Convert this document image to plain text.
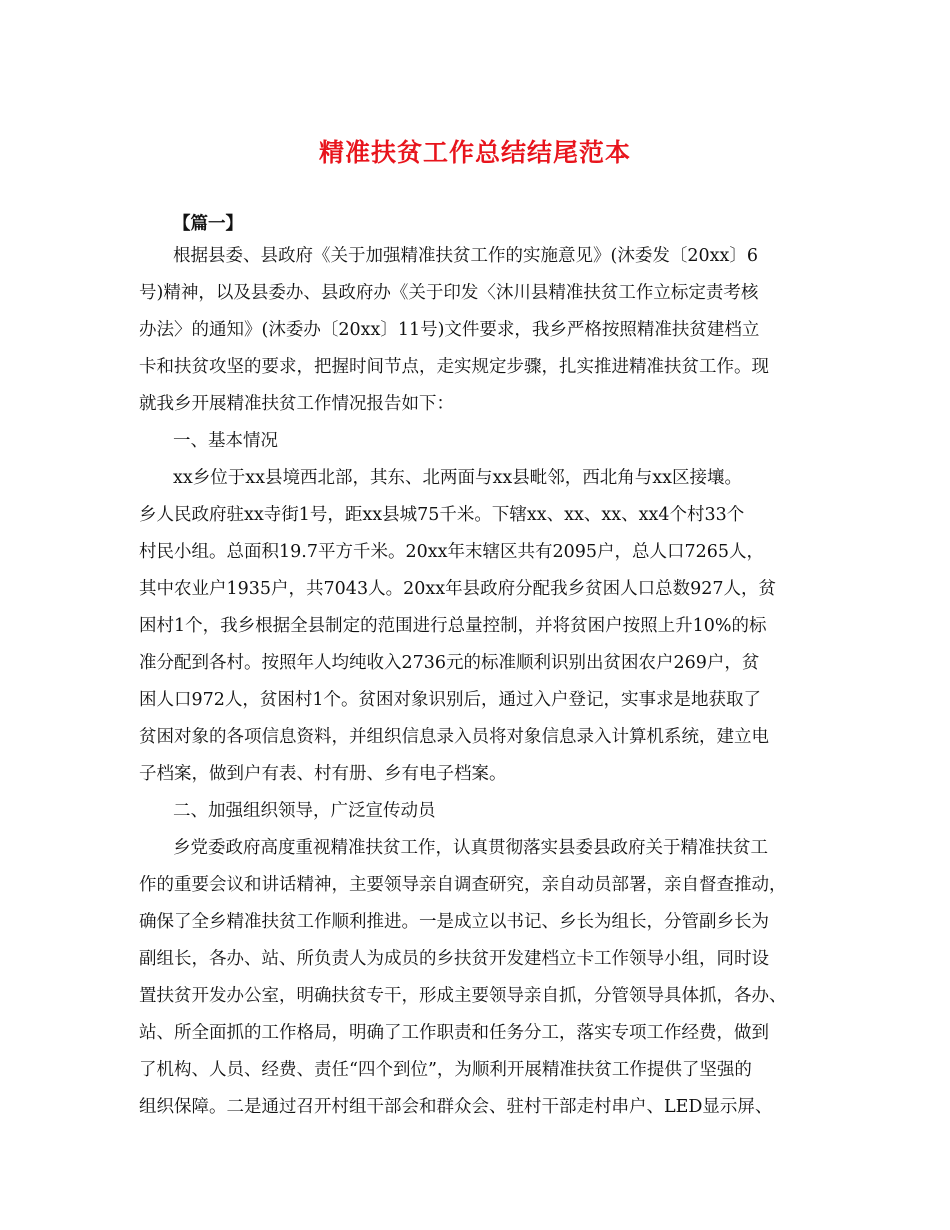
精准扶贫工作总结结尾范本
【篇一】
根据县委、县政府《关于加强精准扶贫工作的实施意见》(沐委发〔20xx〕6
号)精神，以及县委办、县政府办《关于印发〈沐川县精准扶贫工作立标定责考核
办法〉的通知》(沐委办〔20xx〕11号)文件要求，我乡严格按照精准扶贫建档立
卡和扶贫攻坚的要求，把握时间节点，走实规定步骤，扎实推进精准扶贫工作。现
就我乡开展精准扶贫工作情况报告如下：
一、基本情况
xx乡位于xx县境西北部，其东、北两面与xx县毗邻，西北角与xx区接壤。
乡人民政府驻xx寺街1号，距xx县城75千米。下辖xx、xx、xx、xx4个村33个
村民小组。总面积19.7平方千米。20xx年末辖区共有2095户，总人口7265人，
其中农业户1935户，共7043人。20xx年县政府分配我乡贫困人口总数927人，贫
困村1个，我乡根据全县制定的范围进行总量控制，并将贫困户按照上升10%的标
准分配到各村。按照年人均纯收入2736元的标准顺利识别出贫困农户269户，贫
困人口972人，贫困村1个。贫困对象识别后，通过入户登记，实事求是地获取了
贫困对象的各项信息资料，并组织信息录入员将对象信息录入计算机系统，建立电
子档案，做到户有表、村有册、乡有电子档案。
二、加强组织领导，广泛宣传动员
乡党委政府高度重视精准扶贫工作，认真贯彻落实县委县政府关于精准扶贫工
作的重要会议和讲话精神，主要领导亲自调查研究，亲自动员部署，亲自督查推动，
确保了全乡精准扶贫工作顺利推进。一是成立以书记、乡长为组长，分管副乡长为
副组长，各办、站、所负责人为成员的乡扶贫开发建档立卡工作领导小组，同时设
置扶贫开发办公室，明确扶贫专干，形成主要领导亲自抓，分管领导具体抓，各办、
站、所全面抓的工作格局，明确了工作职责和任务分工，落实专项工作经费，做到
了机构、人员、经费、责任“四个到位”，为顺利开展精准扶贫工作提供了坚强的
组织保障。二是通过召开村组干部会和群众会、驻村干部走村串户、LED显示屏、
